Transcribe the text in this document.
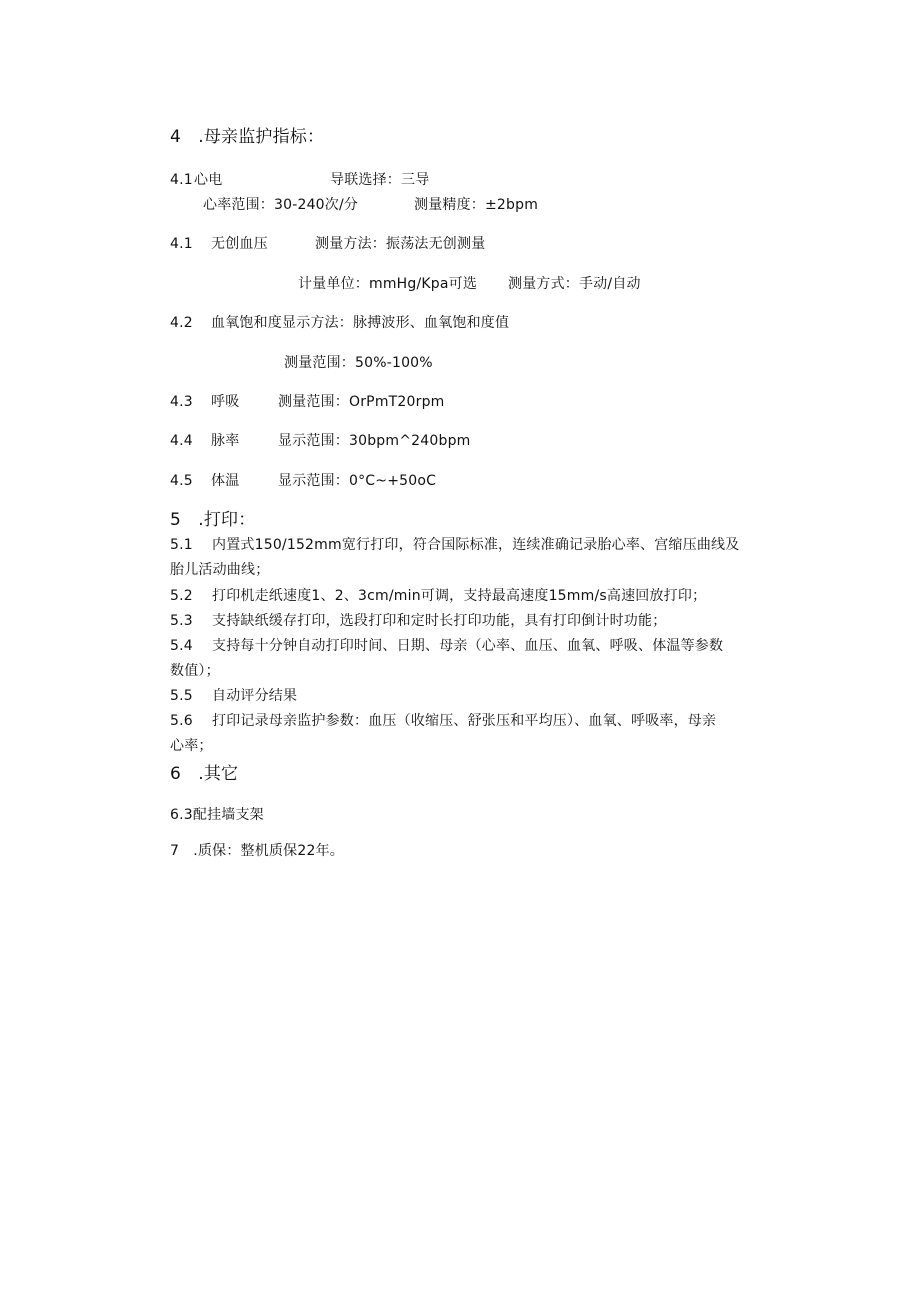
4　.母亲监护指标：
4.1 心电	导联选择：三导
心率范围：30-240次/分	测量精度：±2bpm
4.1 无创血压	测量方法：振荡法无创测量
计量单位：mmHg/Kpa可选 测量方式：手动/自动
4.2 血氧饱和度显示方法：脉搏波形、血氧饱和度值
测量范围：50%-100%
4.3 呼吸	测量范围：OrPmT20rpm
4.4 脉率	显示范围：30bpm^240bpm
4.5 体温	显示范围：0°C~+50oC
5　.打印：
5.1 内置式150/152mm宽行打印，符合国际标准，连续准确记录胎心率、宫缩压曲线及
胎儿活动曲线；
5.2 打印机走纸速度1、2、3cm/min可调，支持最高速度15mm/s高速回放打印；
5.3 支持缺纸缓存打印，选段打印和定时长打印功能，具有打印倒计时功能；
5.4 支持每十分钟自动打印时间、日期、母亲（心率、血压、血氧、呼吸、体温等参数
数值）；
5.5 自动评分结果
5.6 打印记录母亲监护参数：血压（收缩压、舒张压和平均压）、血氧、呼吸率，母亲
心率；
6　.其它
6.3配挂墙支架
7　.质保：整机质保22年。
